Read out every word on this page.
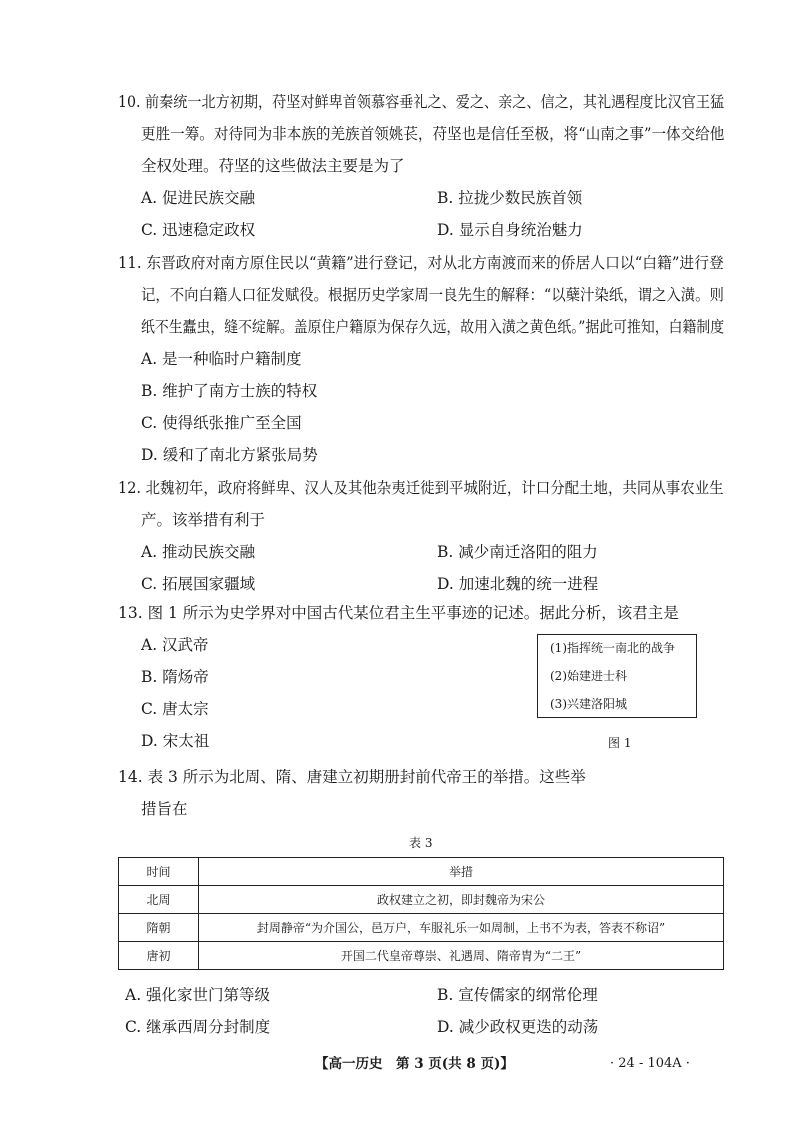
10. 前秦统一北方初期，苻坚对鲜卑首领慕容垂礼之、爱之、亲之、信之，其礼遇程度比汉官王猛
更胜一筹。对待同为非本族的羌族首领姚苌，苻坚也是信任至极，将“山南之事”一体交给他
全权处理。苻坚的这些做法主要是为了
A. 促进民族交融	B. 拉拢少数民族首领
C. 迅速稳定政权	D. 显示自身统治魅力
11. 东晋政府对南方原住民以“黄籍”进行登记，对从北方南渡而来的侨居人口以“白籍”进行登
记，不向白籍人口征发赋役。根据历史学家周一良先生的解释：“以蘖汁染纸，谓之入潢。则
纸不生蠹虫，缝不绽解。盖原住户籍原为保存久远，故用入潢之黄色纸。”据此可推知，白籍制度
A. 是一种临时户籍制度
B. 维护了南方士族的特权
C. 使得纸张推广至全国
D. 缓和了南北方紧张局势
12. 北魏初年，政府将鲜卑、汉人及其他杂夷迁徙到平城附近，计口分配土地，共同从事农业生
产。该举措有利于
A. 推动民族交融	B. 减少南迁洛阳的阻力
C. 拓展国家疆域	D. 加速北魏的统一进程
13. 图 1 所示为史学界对中国古代某位君主生平事迹的记述。据此分析，该君主是
A. 汉武帝
B. 隋炀帝
C. 唐太宗
D. 宋太祖
(1)指挥统一南北的战争
(2)始建进士科
(3)兴建洛阳城
图 1
14. 表 3 所示为北周、隋、唐建立初期册封前代帝王的举措。这些举
措旨在
表 3
时间	举措
北周	政权建立之初，即封魏帝为宋公
隋朝	封周静帝“为介国公，邑万户，车服礼乐一如周制，上书不为表，答表不称诏”
唐初	开国二代皇帝尊崇、礼遇周、隋帝胄为“二王”
A. 强化家世门第等级	B. 宣传儒家的纲常伦理
C. 继承西周分封制度	D. 减少政权更迭的动荡
【高一历史　第 3 页(共 8 页)】	· 24 - 104A ·
